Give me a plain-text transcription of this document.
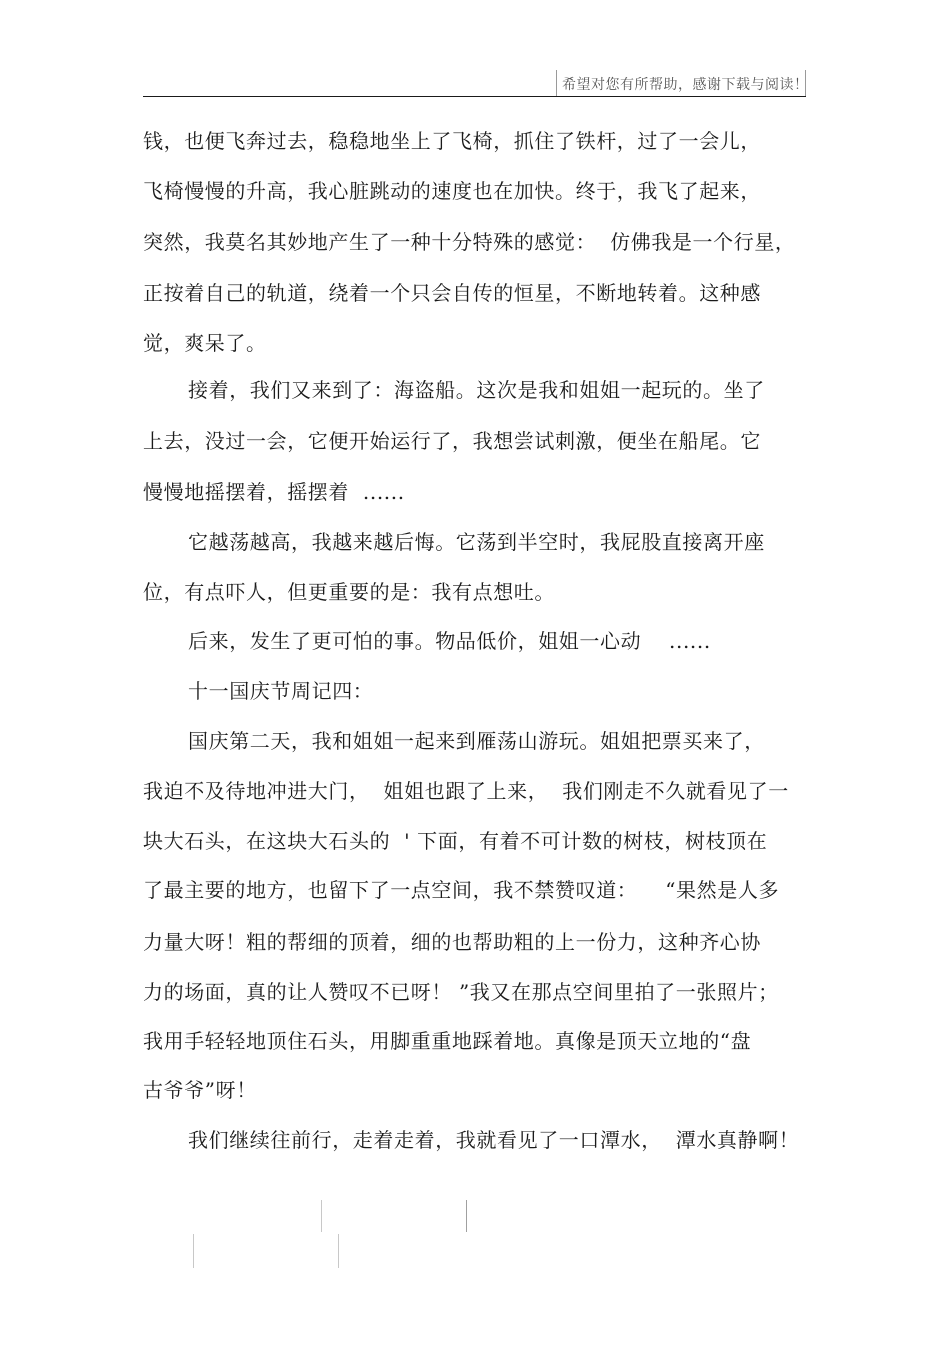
希望对您有所帮助，感谢下载与阅读！
钱，也便飞奔过去，稳稳地坐上了飞椅，抓住了铁杆，过了一会儿，
飞椅慢慢的升高，我心脏跳动的速度也在加快。终于，我飞了起来，
突然，我莫名其妙地产生了一种十分特殊的感觉：  仿佛我是一个行星，
正按着自己的轨道，绕着一个只会自传的恒星，不断地转着。这种感
觉，爽呆了。
接着，我们又来到了：海盗船。这次是我和姐姐一起玩的。坐了
上去，没过一会，它便开始运行了，我想尝试刺激，便坐在船尾。它
慢慢地摇摆着，摇摆着  ......
它越荡越高，我越来越后悔。它荡到半空时，我屁股直接离开座
位，有点吓人，但更重要的是：我有点想吐。
后来，发生了更可怕的事。物品低价，姐姐一心动    ......
十一国庆节周记四：
国庆第二天，我和姐姐一起来到雁荡山游玩。姐姐把票买来了，
我迫不及待地冲进大门，  姐姐也跟了上来，  我们刚走不久就看见了一
块大石头，在这块大石头的  ' 下面，有着不可计数的树枝，树枝顶在
了最主要的地方，也留下了一点空间，我不禁赞叹道：    “果然是人多
力量大呀！粗的帮细的顶着，细的也帮助粗的上一份力，这种齐心协
力的场面，真的让人赞叹不已呀！ ”我又在那点空间里拍了一张照片；
我用手轻轻地顶住石头，用脚重重地踩着地。真像是顶天立地的“盘
古爷爷”呀！
我们继续往前行，走着走着，我就看见了一口潭水，  潭水真静啊！
